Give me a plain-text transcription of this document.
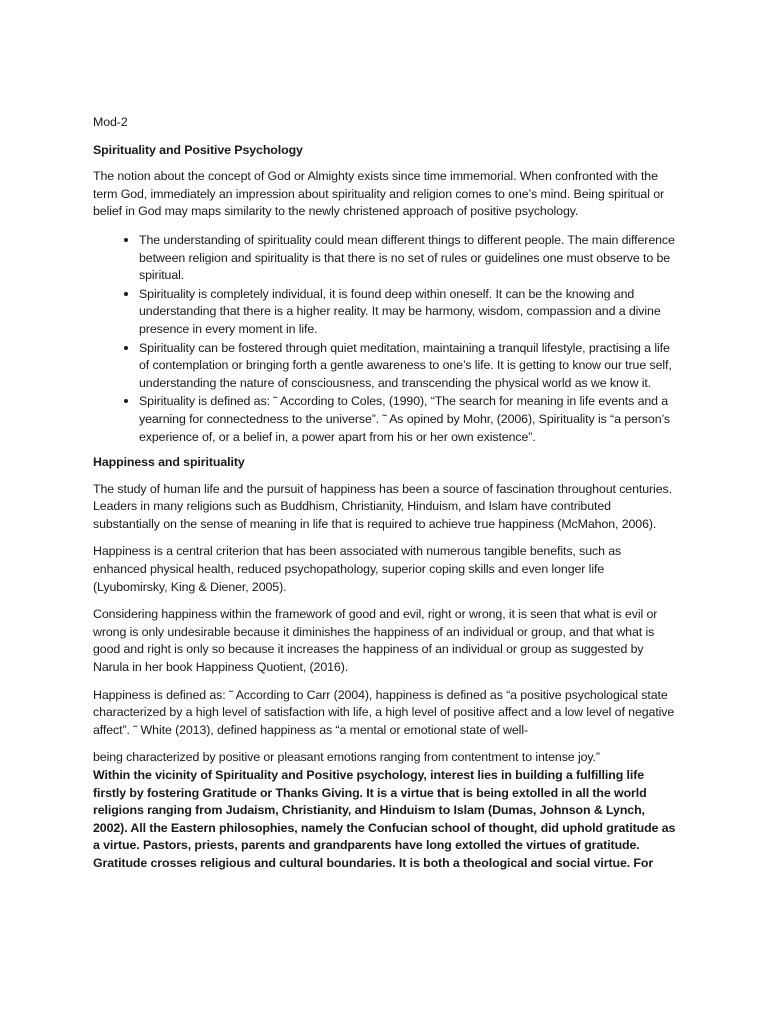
Mod-2

Spirituality and Positive Psychology

The notion about the concept of God or Almighty exists since time immemorial. When confronted with the term God, immediately an impression about spirituality and religion comes to one’s mind. Being spiritual or belief in God may maps similarity to the newly christened approach of positive psychology.

• The understanding of spirituality could mean different things to different people. The main difference between religion and spirituality is that there is no set of rules or guidelines one must observe to be spiritual.
• Spirituality is completely individual, it is found deep within oneself. It can be the knowing and understanding that there is a higher reality. It may be harmony, wisdom, compassion and a divine presence in every moment in life.
• Spirituality can be fostered through quiet meditation, maintaining a tranquil lifestyle, practising a life of contemplation or bringing forth a gentle awareness to one’s life. It is getting to know our true self, understanding the nature of consciousness, and transcending the physical world as we know it.
• Spirituality is defined as: ˜ According to Coles, (1990), “The search for meaning in life events and a yearning for connectedness to the universe”. ˜ As opined by Mohr, (2006), Spirituality is “a person’s experience of, or a belief in, a power apart from his or her own existence”.

Happiness and spirituality

The study of human life and the pursuit of happiness has been a source of fascination throughout centuries. Leaders in many religions such as Buddhism, Christianity, Hinduism, and Islam have contributed substantially on the sense of meaning in life that is required to achieve true happiness (McMahon, 2006).

Happiness is a central criterion that has been associated with numerous tangible benefits, such as enhanced physical health, reduced psychopathology, superior coping skills and even longer life (Lyubomirsky, King & Diener, 2005).

Considering happiness within the framework of good and evil, right or wrong, it is seen that what is evil or wrong is only undesirable because it diminishes the happiness of an individual or group, and that what is good and right is only so because it increases the happiness of an individual or group as suggested by Narula in her book Happiness Quotient, (2016).

Happiness is defined as: ˜ According to Carr (2004), happiness is defined as “a positive psychological state characterized by a high level of satisfaction with life, a high level of positive affect and a low level of negative affect”. ˜ White (2013), defined happiness as “a mental or emotional state of well-

being characterized by positive or pleasant emotions ranging from contentment to intense joy.”

Within the vicinity of Spirituality and Positive psychology, interest lies in building a fulfilling life firstly by fostering Gratitude or Thanks Giving. It is a virtue that is being extolled in all the world religions ranging from Judaism, Christianity, and Hinduism to Islam (Dumas, Johnson & Lynch, 2002). All the Eastern philosophies, namely the Confucian school of thought, did uphold gratitude as a virtue. Pastors, priests, parents and grandparents have long extolled the virtues of gratitude. Gratitude crosses religious and cultural boundaries. It is both a theological and social virtue. For
